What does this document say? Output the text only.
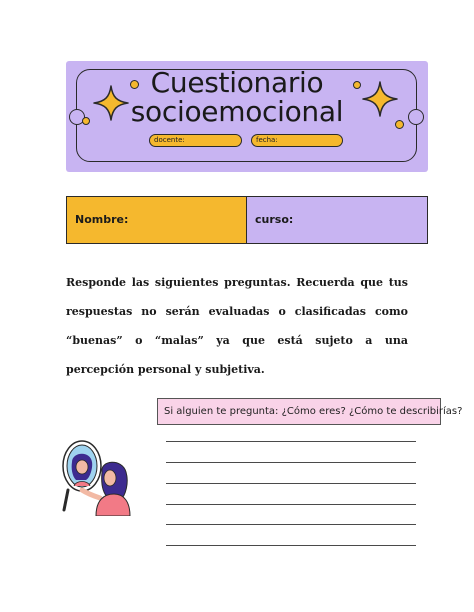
Cuestionario
socioemocional
docente:	fecha:
Nombre:	curso:

Responde las siguientes preguntas. Recuerda que tus respuestas no serán evaluadas o clasificadas como “buenas” o “malas” ya que está sujeto a una percepción personal y subjetiva.

Si alguien te pregunta: ¿Cómo eres? ¿Cómo te describirías?
